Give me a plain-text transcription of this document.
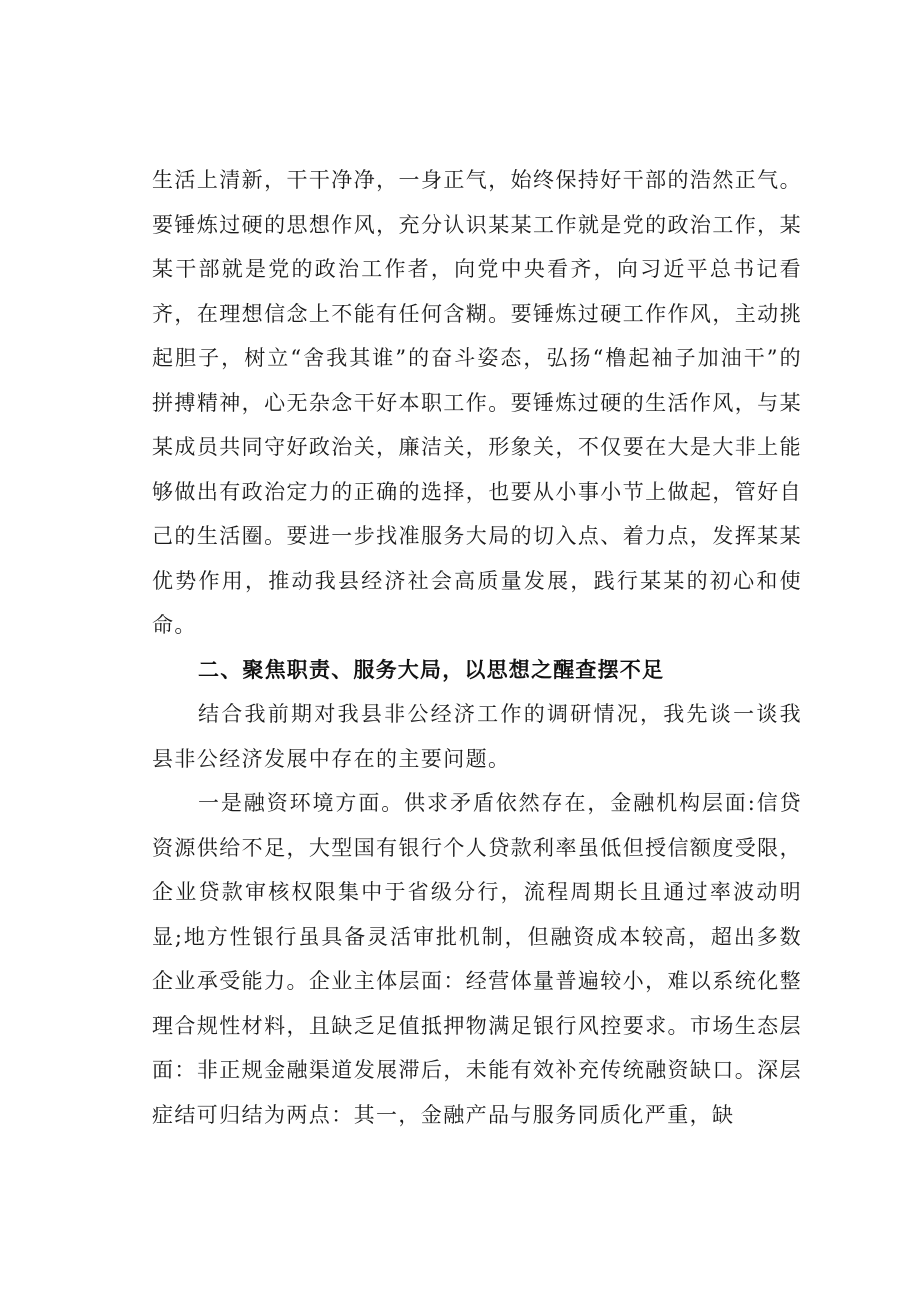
生活上清新，干干净净，一身正气，始终保持好干部的浩然正气。要锤炼过硬的思想作风，充分认识某某工作就是党的政治工作，某某干部就是党的政治工作者，向党中央看齐，向习近平总书记看齐，在理想信念上不能有任何含糊。要锤炼过硬工作作风，主动挑起胆子，树立“舍我其谁”的奋斗姿态，弘扬“橹起袖子加油干”的拼搏精神，心无杂念干好本职工作。要锤炼过硬的生活作风，与某某成员共同守好政治关，廉洁关，形象关，不仅要在大是大非上能够做出有政治定力的正确的选择，也要从小事小节上做起，管好自己的生活圈。要进一步找准服务大局的切入点、着力点，发挥某某优势作用，推动我县经济社会高质量发展，践行某某的初心和使命。

二、聚焦职责、服务大局，以思想之醒查摆不足

结合我前期对我县非公经济工作的调研情况，我先谈一谈我县非公经济发展中存在的主要问题。

一是融资环境方面。供求矛盾依然存在，金融机构层面:信贷资源供给不足，大型国有银行个人贷款利率虽低但授信额度受限，企业贷款审核权限集中于省级分行，流程周期长且通过率波动明显;地方性银行虽具备灵活审批机制，但融资成本较高，超出多数企业承受能力。企业主体层面：经营体量普遍较小，难以系统化整理合规性材料，且缺乏足值抵押物满足银行风控要求。市场生态层面：非正规金融渠道发展滞后，未能有效补充传统融资缺口。深层症结可归结为两点：其一，金融产品与服务同质化严重，缺
